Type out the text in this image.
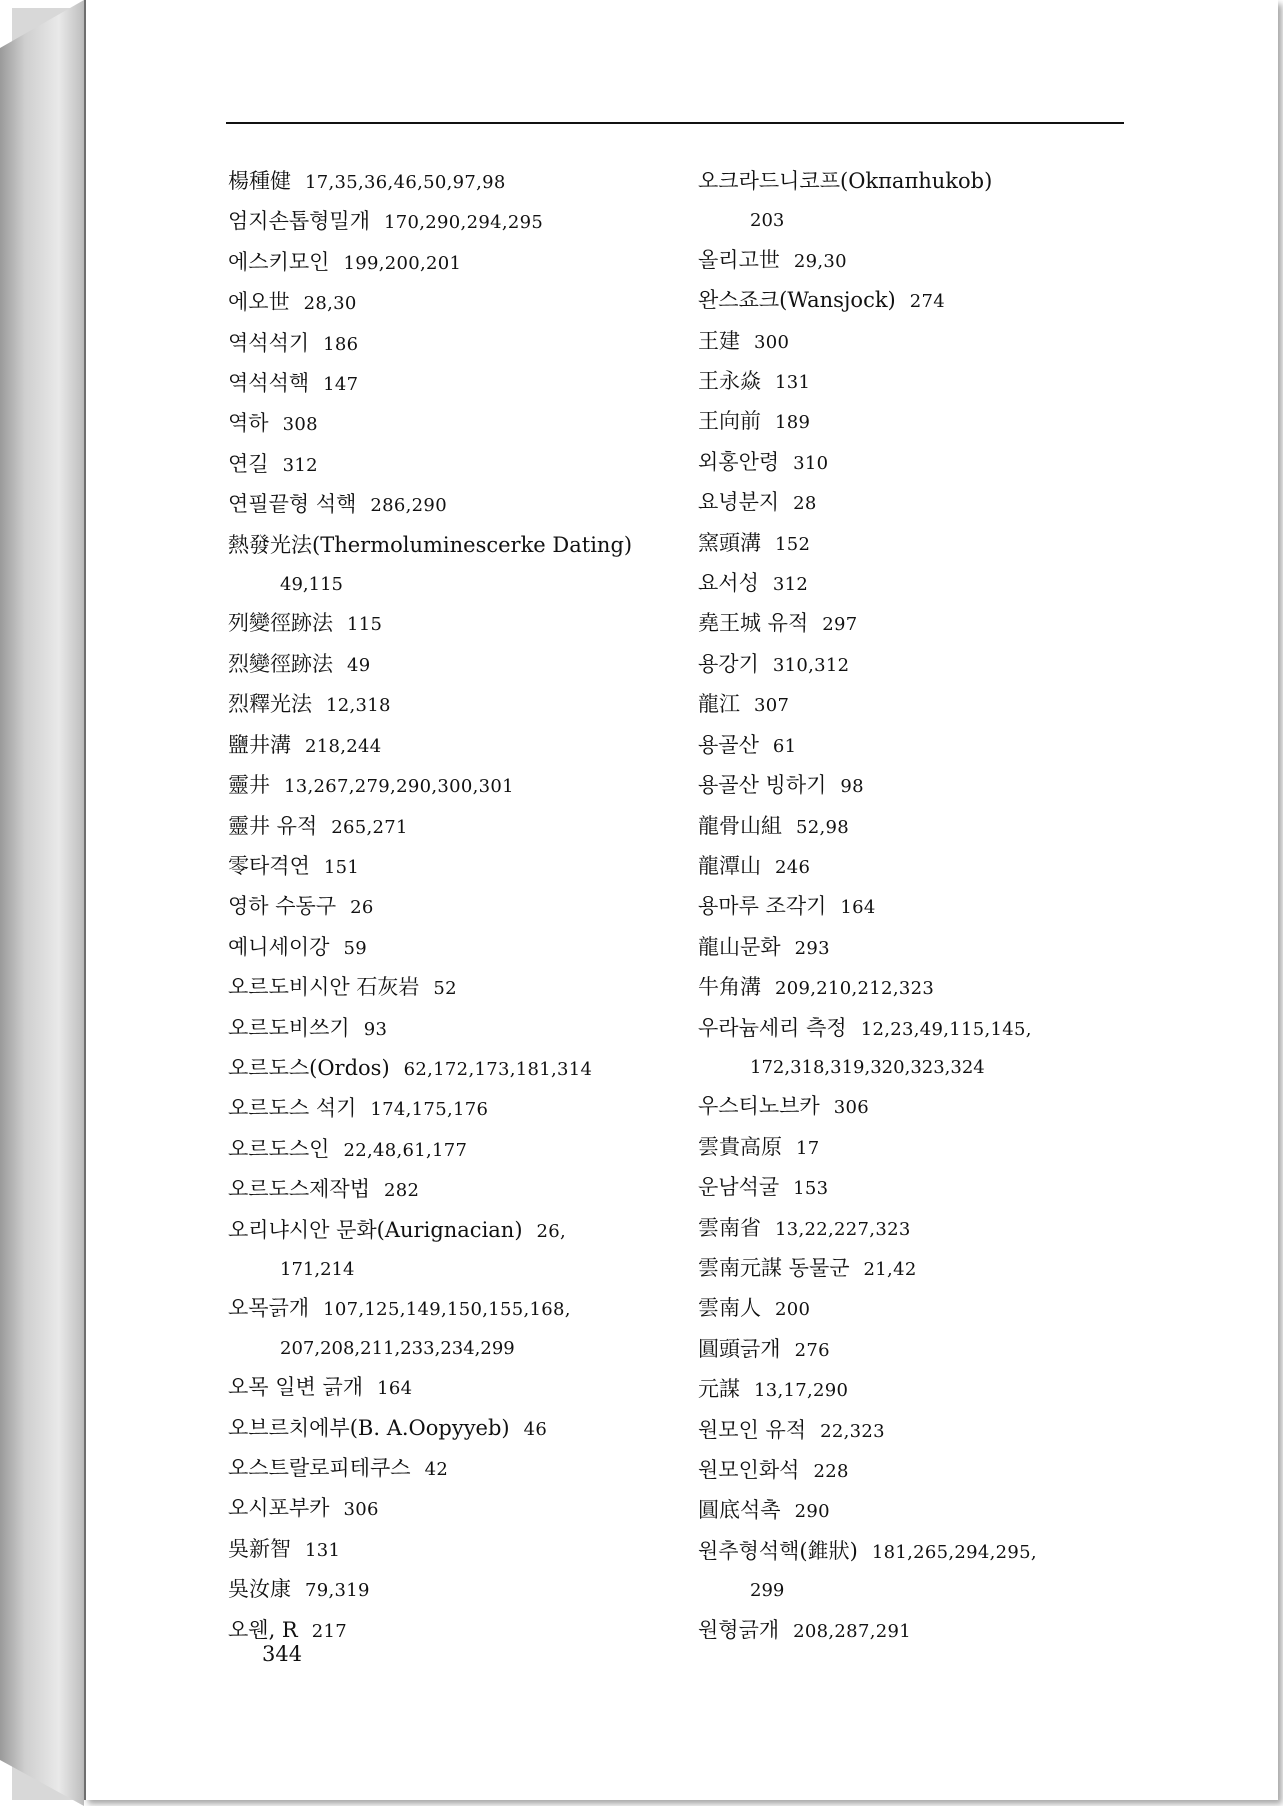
楊種健 17,35,36,46,50,97,98
엄지손톱형밀개 170,290,294,295
에스키모인 199,200,201
에오世 28,30
역석석기 186
역석석핵 147
역하 308
연길 312
연필끝형 석핵 286,290
熱發光法(Thermoluminescerke Dating)
49,115
列變徑跡法 115
烈變徑跡法 49
烈釋光法 12,318
鹽井溝 218,244
靈井 13,267,279,290,300,301
靈井 유적 265,271
零타격연 151
영하 수동구 26
예니세이강 59
오르도비시안 石灰岩 52
오르도비쓰기 93
오르도스(Ordos) 62,172,173,181,314
오르도스 석기 174,175,176
오르도스인 22,48,61,177
오르도스제작법 282
오리냐시안 문화(Aurignacian) 26,
171,214
오목긁개 107,125,149,150,155,168,
207,208,211,233,234,299
오목 일변 긁개 164
오브르치에부(B. A.Oopyyeb) 46
오스트랄로피테쿠스 42
오시포부카 306
吳新智 131
吳汝康 79,319
오웬, R 217
오크라드니코프(Okπaπhukob)
203
올리고世 29,30
완스죠크(Wansjock) 274
王建 300
王永焱 131
王向前 189
외홍안령 310
요녕분지 28
窯頭溝 152
요서성 312
堯王城 유적 297
용강기 310,312
龍江 307
용골산 61
용골산 빙하기 98
龍骨山組 52,98
龍潭山 246
용마루 조각기 164
龍山문화 293
牛角溝 209,210,212,323
우라늄세리 측정 12,23,49,115,145,
172,318,319,320,323,324
우스티노브카 306
雲貴高原 17
운남석굴 153
雲南省 13,22,227,323
雲南元謀 동물군 21,42
雲南人 200
圓頭긁개 276
元謀 13,17,290
원모인 유적 22,323
원모인화석 228
圓底석촉 290
원추형석핵(錐狀) 181,265,294,295,
299
원형긁개 208,287,291
344
